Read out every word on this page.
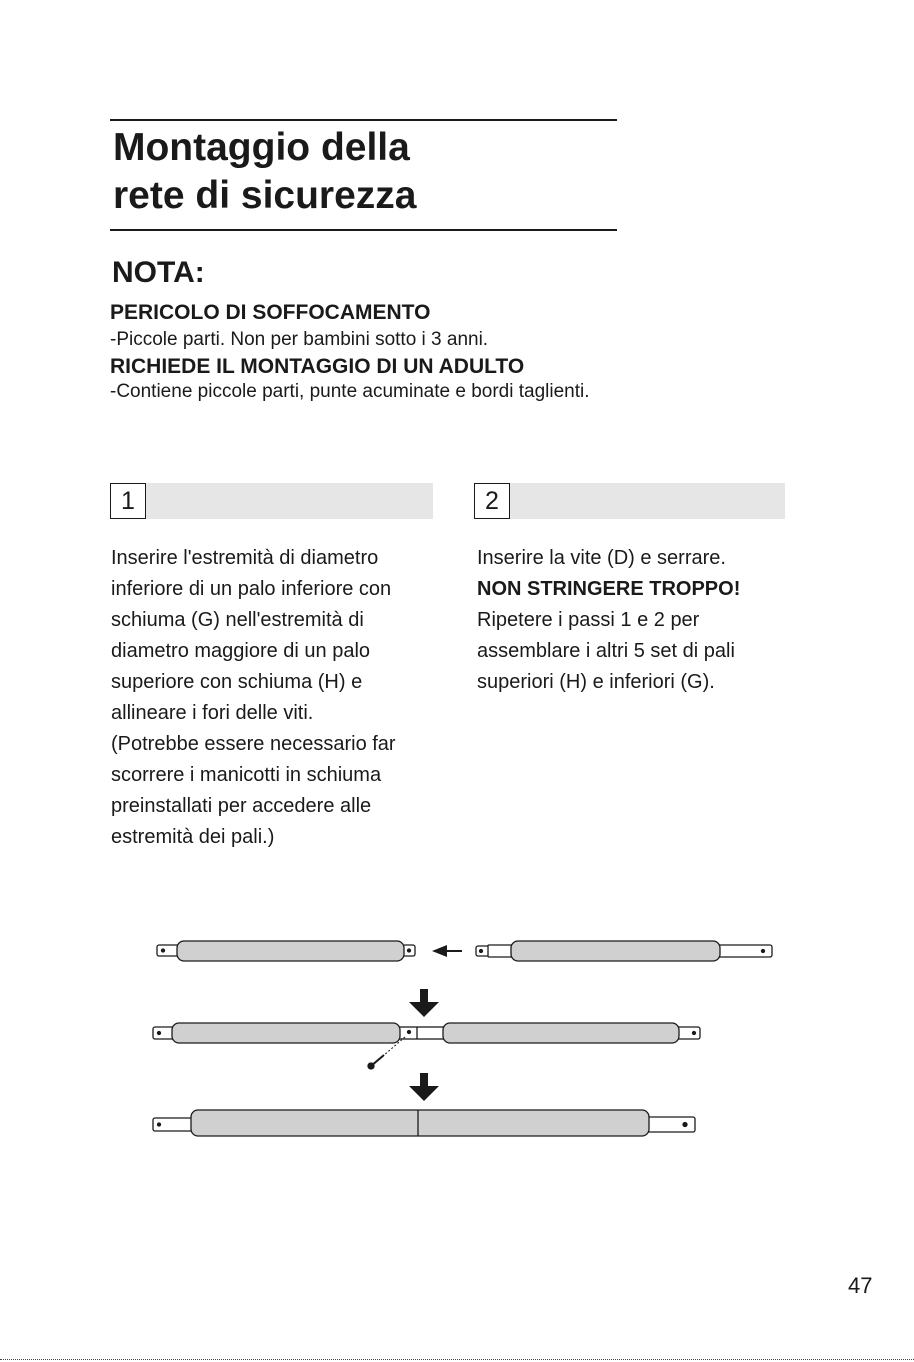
Montaggio della
rete di sicurezza
NOTA:

PERICOLO DI SOFFOCAMENTO

-Piccole parti. Non per bambini sotto i 3 anni.

RICHIEDE IL MONTAGGIO DI UN ADULTO

-Contiene piccole parti, punte acuminate e bordi taglienti.

1
Inserire l'estremità di diametro
inferiore di un palo inferiore con
schiuma (G) nell'estremità di
diametro maggiore di un palo
superiore con schiuma (H) e
allineare i fori delle viti.
(Potrebbe essere necessario far
scorrere i manicotti in schiuma
preinstallati per accedere alle
estremità dei pali.)
2
Inserire la vite (D) e serrare.
NON STRINGERE TROPPO!
Ripetere i passi 1 e 2 per
assemblare i altri 5 set di pali
superiori (H) e inferiori (G).
47
